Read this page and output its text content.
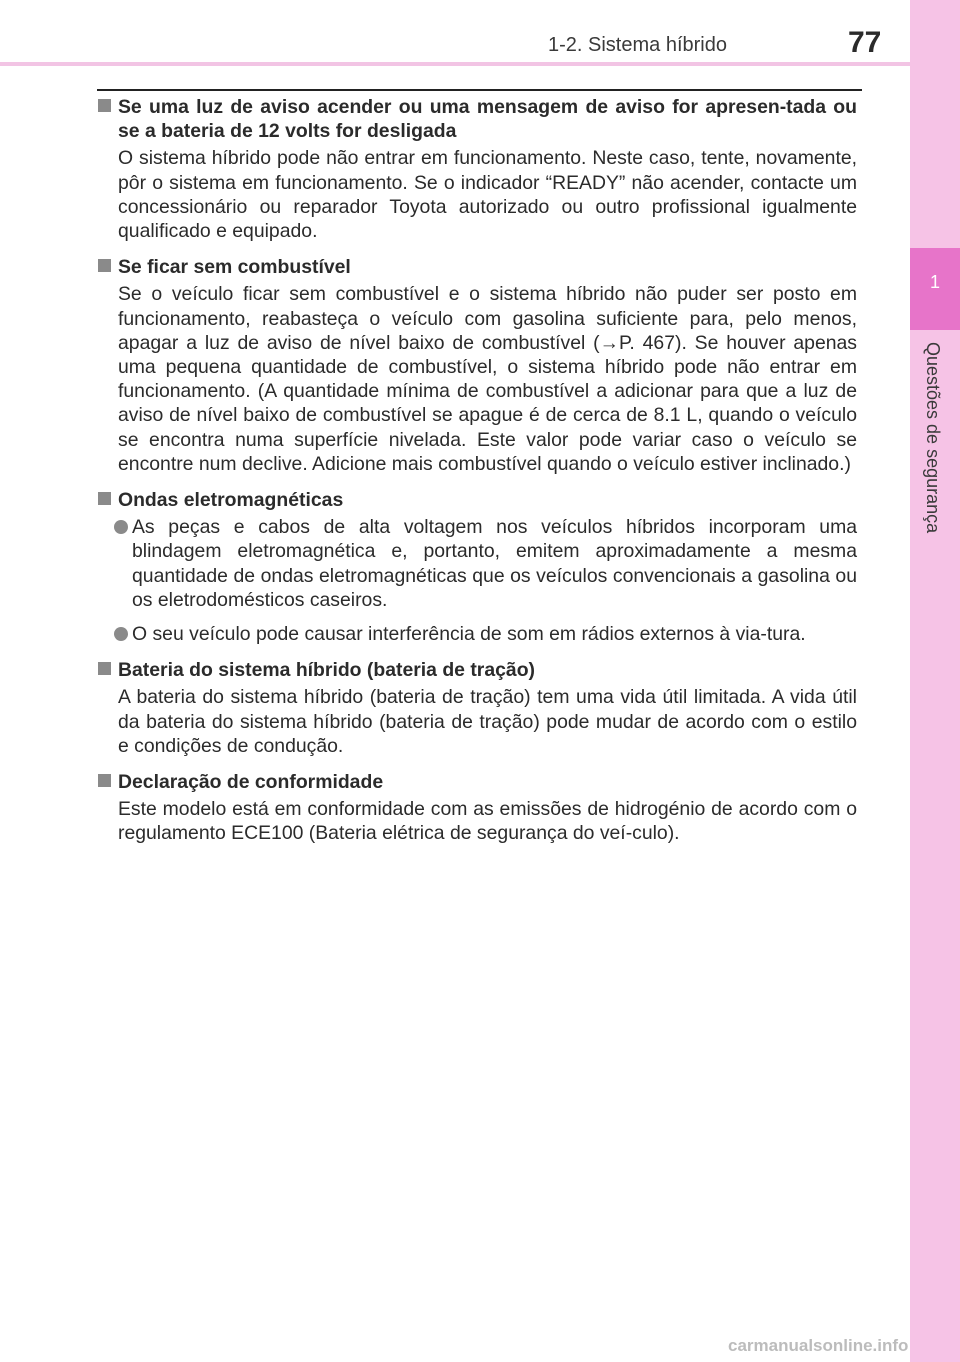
1-2. Sistema híbrido	77
1
Questões de segurança
Se uma luz de aviso acender ou uma mensagem de aviso for apresen-tada ou se a bateria de 12 volts for desligada
O sistema híbrido pode não entrar em funcionamento. Neste caso, tente, novamente, pôr o sistema em funcionamento. Se o indicador “READY” não acender, contacte um concessionário ou reparador Toyota autorizado ou outro profissional igualmente qualificado e equipado.
Se ficar sem combustível
Se o veículo ficar sem combustível e o sistema híbrido não puder ser posto em funcionamento, reabasteça o veículo com gasolina suficiente para, pelo menos, apagar a luz de aviso de nível baixo de combustível (→P. 467). Se houver apenas uma pequena quantidade de combustível, o sistema híbrido pode não entrar em funcionamento. (A quantidade mínima de combustível a adicionar para que a luz de aviso de nível baixo de combustível se apague é de cerca de 8.1 L, quando o veículo se encontra numa superfície nivelada. Este valor pode variar caso o veículo se encontre num declive. Adicione mais combustível quando o veículo estiver inclinado.)
Ondas eletromagnéticas
As peças e cabos de alta voltagem nos veículos híbridos incorporam uma blindagem eletromagnética e, portanto, emitem aproximadamente a mesma quantidade de ondas eletromagnéticas que os veículos convencionais a gasolina ou os eletrodomésticos caseiros.
O seu veículo pode causar interferência de som em rádios externos à via-tura.
Bateria do sistema híbrido (bateria de tração)
A bateria do sistema híbrido (bateria de tração) tem uma vida útil limitada. A vida útil da bateria do sistema híbrido (bateria de tração) pode mudar de acordo com o estilo e condições de condução.
Declaração de conformidade
Este modelo está em conformidade com as emissões de hidrogénio de acordo com o regulamento ECE100 (Bateria elétrica de segurança do veí-culo).
carmanualsonline.info
